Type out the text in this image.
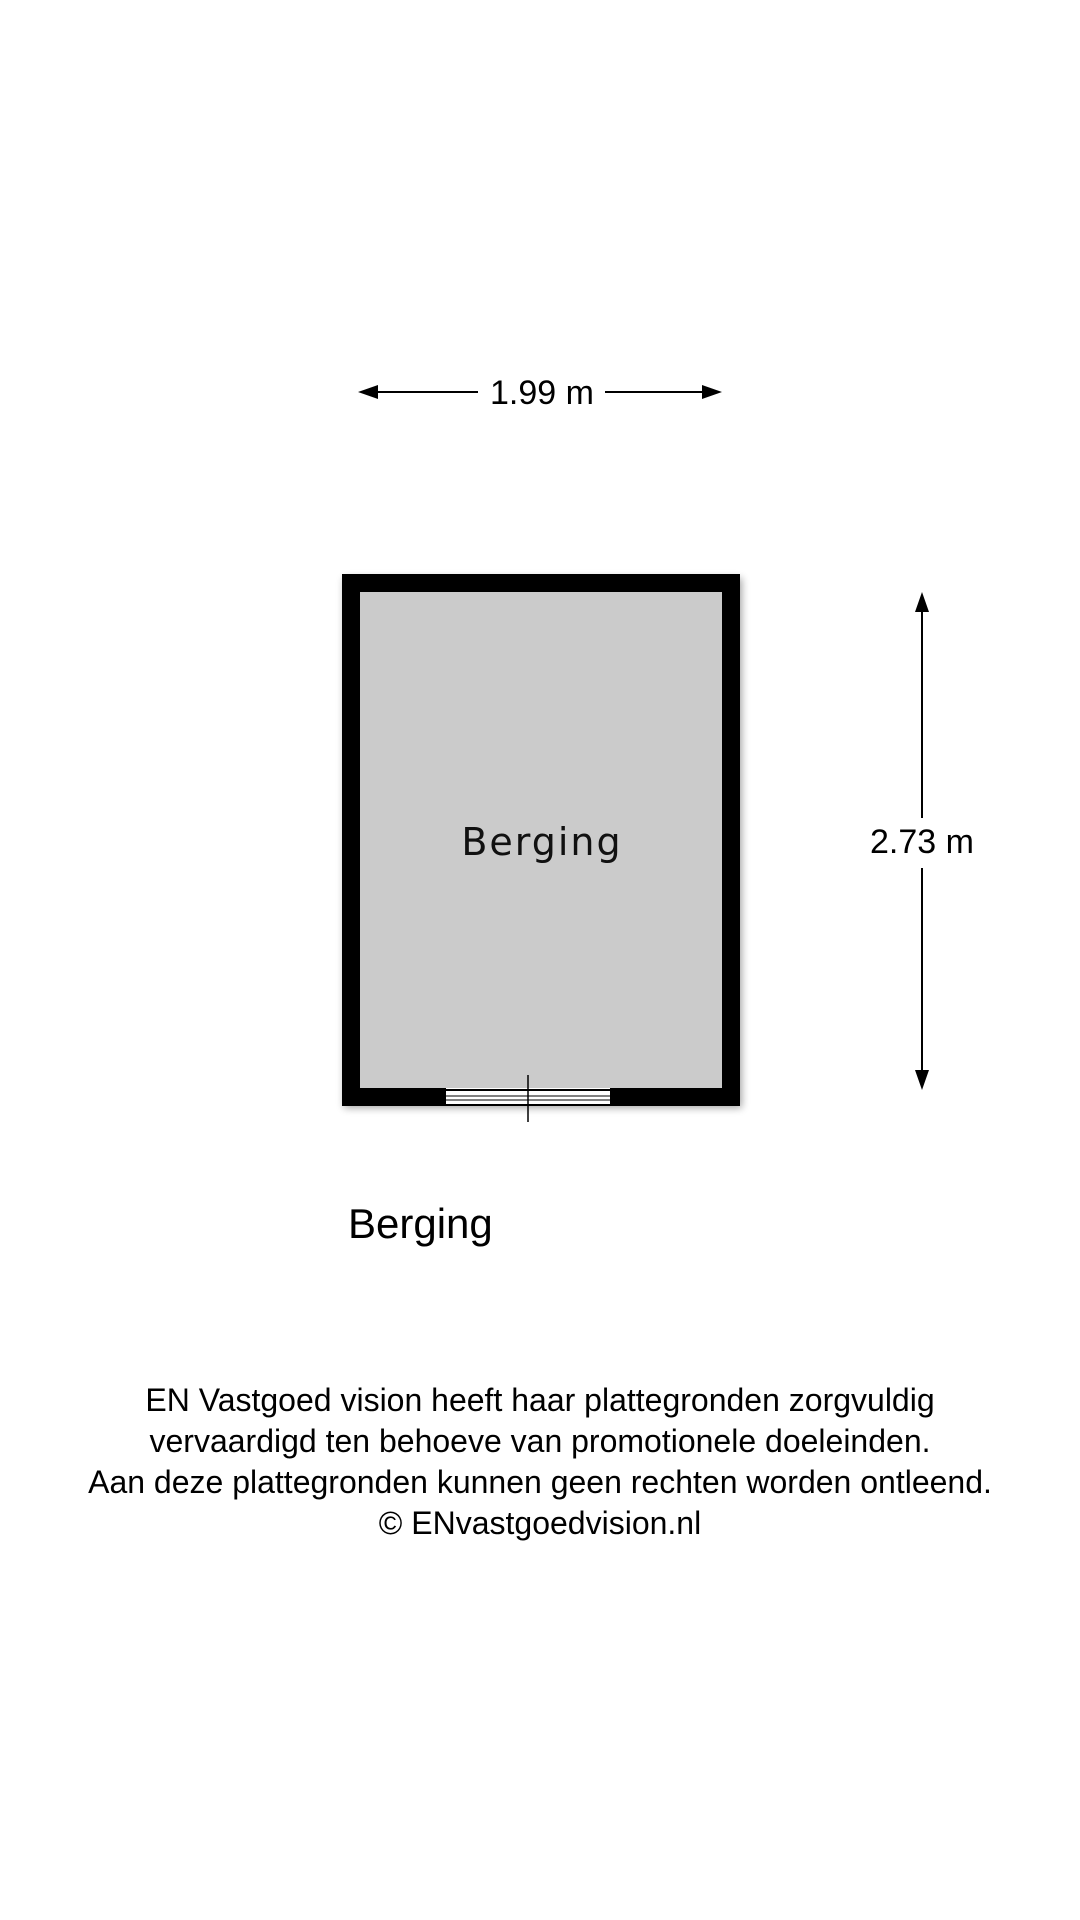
1.99 m
Berging	2.73 m
Berging
EN Vastgoed vision heeft haar plattegronden zorgvuldig
vervaardigd ten behoeve van promotionele doeleinden.
Aan deze plattegronden kunnen geen rechten worden ontleend.
© ENvastgoedvision.nl
